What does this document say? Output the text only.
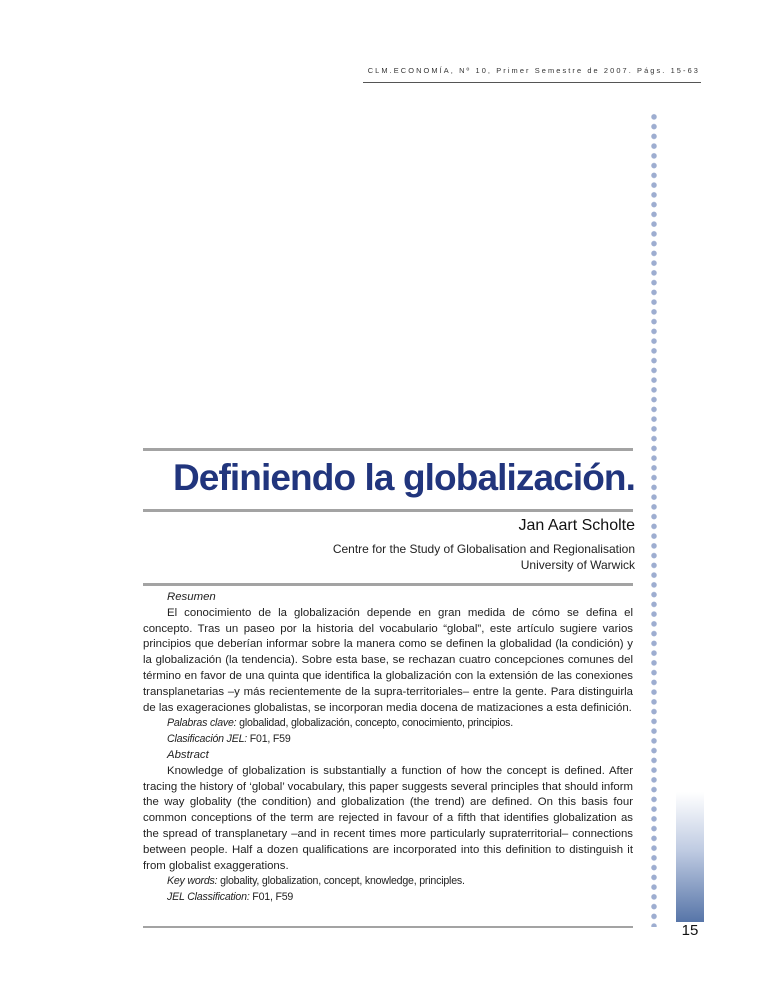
CLM.ECONOMÍA, Nº 10, Primer Semestre de 2007. Págs. 15-63
15
Definiendo la globalización.
Jan Aart Scholte
Centre for the Study of Globalisation and Regionalisation
University of Warwick

Resumen

El conocimiento de la globalización depende en gran medida de cómo se defina el concepto. Tras un paseo por la historia del vocabulario “global”, este artículo sugiere varios principios que deberían informar sobre la manera como se definen la globalidad (la condición) y la globalización (la tendencia). Sobre esta base, se rechazan cuatro concepciones comunes del término en favor de una quinta que identifica la globalización con la extensión de las conexiones transplanetarias –y más recientemente de la supra-territoriales– entre la gente. Para distinguirla de las exageraciones globalistas, se incorporan media docena de matizaciones a esta definición.

Palabras clave: globalidad, globalización, concepto, conocimiento, principios.

Clasificación JEL: F01, F59

Abstract

Knowledge of globalization is substantially a function of how the concept is defined. After tracing the history of ‘global’ vocabulary, this paper suggests several principles that should inform the way globality (the condition) and globalization (the trend) are defined. On this basis four common conceptions of the term are rejected in favour of a fifth that identifies globalization as the spread of transplanetary –and in recent times more particularly supraterritorial– connections between people. Half a dozen qualifications are incorporated into this definition to distinguish it from globalist exaggerations.

Key words: globality, globalization, concept, knowledge, principles.

JEL Classification: F01, F59
